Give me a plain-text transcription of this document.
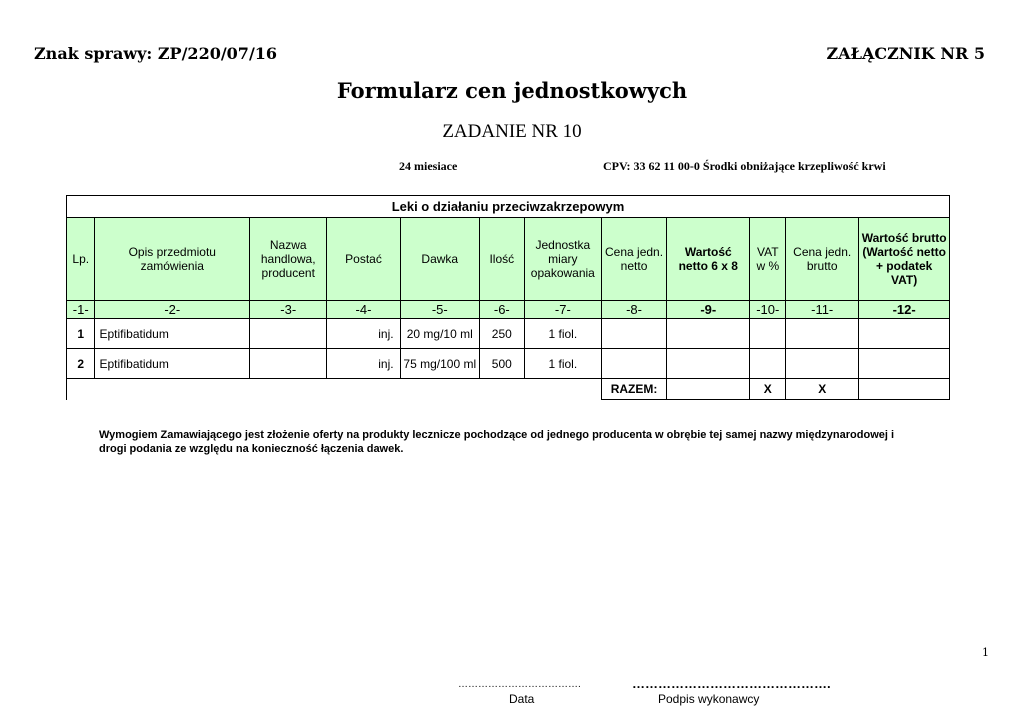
Znak sprawy: ZP/220/07/16	ZAŁĄCZNIK NR 5
Formularz cen jednostkowych
ZADANIE NR 10
24 miesiace	CPV: 33 62 11 00-0 Środki obniżające krzepliwość krwi
Leki o działaniu przeciwzakrzepowym											
Lp.	Opis przedmiotu zamówienia	Nazwa handlowa, producent	Postać	Dawka	Ilość	Jednostka miary opakowania	Cena jedn. netto	Wartość netto 6 x 8	VAT w %	Cena jedn. brutto	Wartość brutto (Wartość netto + podatek VAT)
-1-	-2-	-3-	-4-	-5-	-6-	-7-	-8-	-9-	-10-	-11-	-12-
1	Eptifibatidum		inj.	20 mg/10 ml	250	1 fiol.					
2	Eptifibatidum		inj.	75 mg/100 ml	500	1 fiol.					
							RAZEM:		X	X	
Wymogiem Zamawiającego jest złożenie oferty na produkty lecznicze pochodzące od jednego producenta w obrębie tej samej nazwy międzynarodowej i drogi podania ze względu na konieczność łączenia dawek.
1
……………………………….
Data
……………………………………….
Podpis wykonawcy
